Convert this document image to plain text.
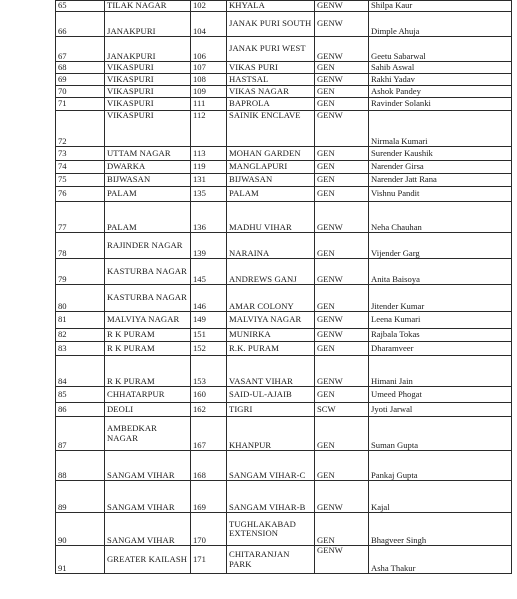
65	TILAK NAGAR	102	KHYALA	GENW	Shilpa Kaur
66	JANAKPURI	104	JANAK PURI SOUTH	GENW	Dimple Ahuja
67	JANAKPURI	106	JANAK PURI WEST	GENW	Geetu Sabarwal
68	VIKASPURI	107	VIKAS PURI	GEN	Sahib Aswal
69	VIKASPURI	108	HASTSAL	GENW	Rakhi Yadav
70	VIKASPURI	109	VIKAS NAGAR	GEN	Ashok Pandey
71	VIKASPURI	111	BAPROLA	GEN	Ravinder Solanki
72	VIKASPURI	112	SAINIK ENCLAVE	GENW	Nirmala Kumari
73	UTTAM NAGAR	113	MOHAN GARDEN	GEN	Surender Kaushik
74	DWARKA	119	MANGLAPURI	GEN	Narender Girsa
75	BIJWASAN	131	BIJWASAN	GEN	Narender Jatt Rana
76	PALAM	135	PALAM	GEN	Vishnu Pandit
77	PALAM	136	MADHU VIHAR	GENW	Neha Chauhan
78	RAJINDER NAGAR	139	NARAINA	GEN	Vijender Garg
79	KASTURBA NAGAR	145	ANDREWS GANJ	GENW	Anita Baisoya
80	KASTURBA NAGAR	146	AMAR COLONY	GEN	Jitender Kumar
81	MALVIYA NAGAR	149	MALVIYA NAGAR	GENW	Leena Kumari
82	R K PURAM	151	MUNIRKA	GENW	Rajbala Tokas
83	R K PURAM	152	R.K. PURAM	GEN	Dharamveer
84	R K PURAM	153	VASANT VIHAR	GENW	Himani Jain
85	CHHATARPUR	160	SAID-UL-AJAIB	GEN	Umeed Phogat
86	DEOLI	162	TIGRI	SCW	Jyoti Jarwal
87	AMBEDKAR NAGAR	167	KHANPUR	GEN	Suman Gupta
88	SANGAM VIHAR	168	SANGAM VIHAR-C	GEN	Pankaj Gupta
89	SANGAM VIHAR	169	SANGAM VIHAR-B	GENW	Kajal
90	SANGAM VIHAR	170	TUGHLAKABAD EXTENSION	GEN	Bhagveer Singh
91	GREATER KAILASH	171	CHITARANJAN PARK	GENW	Asha Thakur
